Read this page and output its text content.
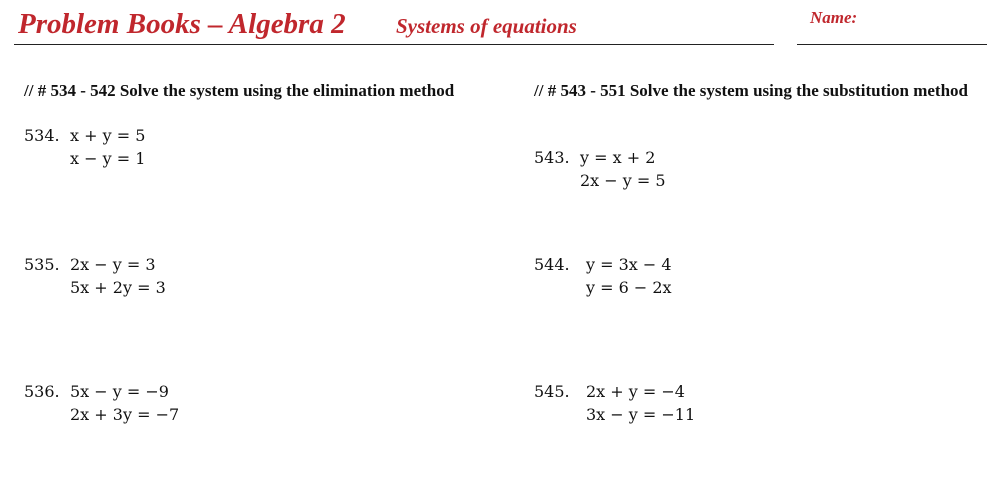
Problem Books – Algebra 2 Systems of equations	Name:
// # 534 - 542 Solve the system using the elimination method	// # 543 - 551 Solve the system using the substitution method
534. x + y = 5
x − y = 1
535. 2x − y = 3
5x + 2y = 3
536. 5x − y = −9
2x + 3y = −7
543. y = x + 2
2x − y = 5
544. y = 3x − 4
y = 6 − 2x
545. 2x + y = −4
3x − y = −11
